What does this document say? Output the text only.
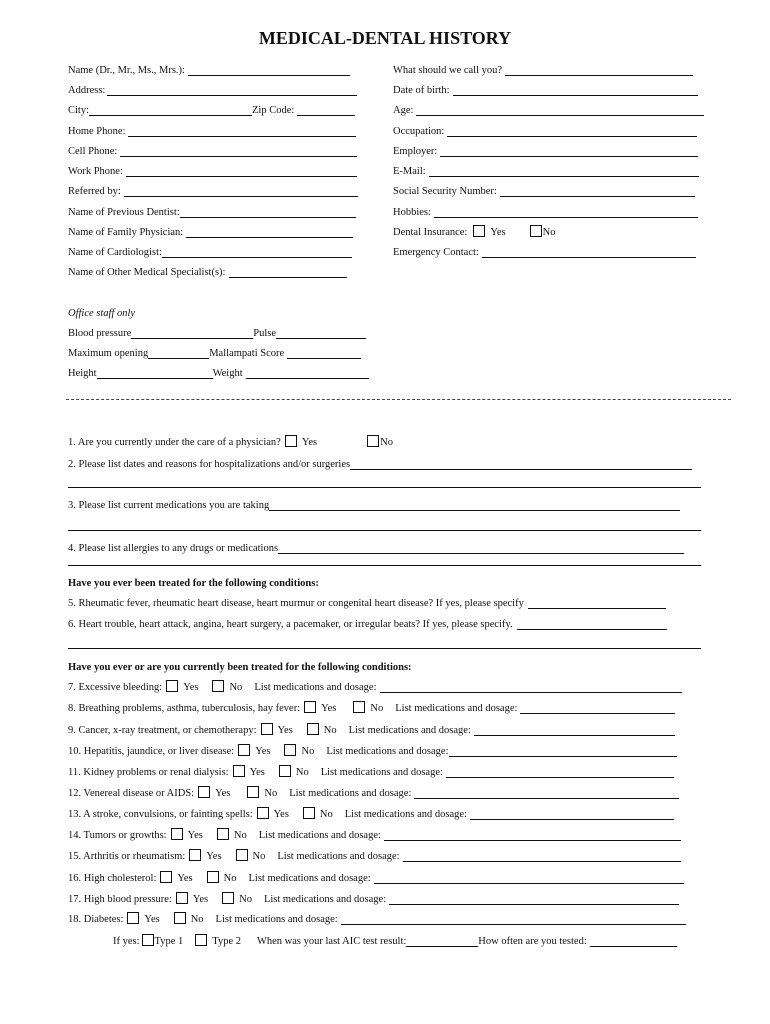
MEDICAL-DENTAL HISTORY
Name (Dr., Mr., Ms., Mrs.):
Address:
City:	Zip Code:
Home Phone:
Cell Phone:
Work Phone:
Referred by:
Name of Previous Dentist:
Name of Family Physician:
Name of Cardiologist:
Name of Other Medical Specialist(s):
What should we call you?
Date of birth:
Age:
Occupation:
Employer:
E-Mail:
Social Security Number:
Hobbies:
Dental Insurance: Yes	No
Emergency Contact:
Office staff only
Blood pressure	Pulse
Maximum opening	Mallampati Score
Height	Weight
1. Are you currently under the care of a physician? Yes	No
2. Please list dates and reasons for hospitalizations and/or surgeries
3. Please list current medications you are taking
4. Please list allergies to any drugs or medications
Have you ever been treated for the following conditions:
5. Rheumatic fever, rheumatic heart disease, heart murmur or congenital heart disease? If yes, please specify
6. Heart trouble, heart attack, angina, heart surgery, a pacemaker, or irregular beats? If yes, please specify.
Have you ever or are you currently been treated for the following conditions:
7. Excessive bleeding: Yes	No List medications and dosage:
8. Breathing problems, asthma, tuberculosis, hay fever: Yes	No List medications and dosage:
9. Cancer, x-ray treatment, or chemotherapy: Yes	No List medications and dosage:
10. Hepatitis, jaundice, or liver disease: Yes	No List medications and dosage:
11. Kidney problems or renal dialysis: Yes	No List medications and dosage:
12. Venereal disease or AIDS: Yes	No List medications and dosage:
13. A stroke, convulsions, or fainting spells: Yes	No List medications and dosage:
14. Tumors or growths: Yes	No List medications and dosage:
15. Arthritis or rheumatism: Yes	No List medications and dosage:
16. High cholesterol: Yes	No List medications and dosage:
17. High blood pressure: Yes	No List medications and dosage:
18. Diabetes: Yes	No List medications and dosage:
If yes: Type 1	Type 2 When was your last AIC test result:	How often are you tested:
